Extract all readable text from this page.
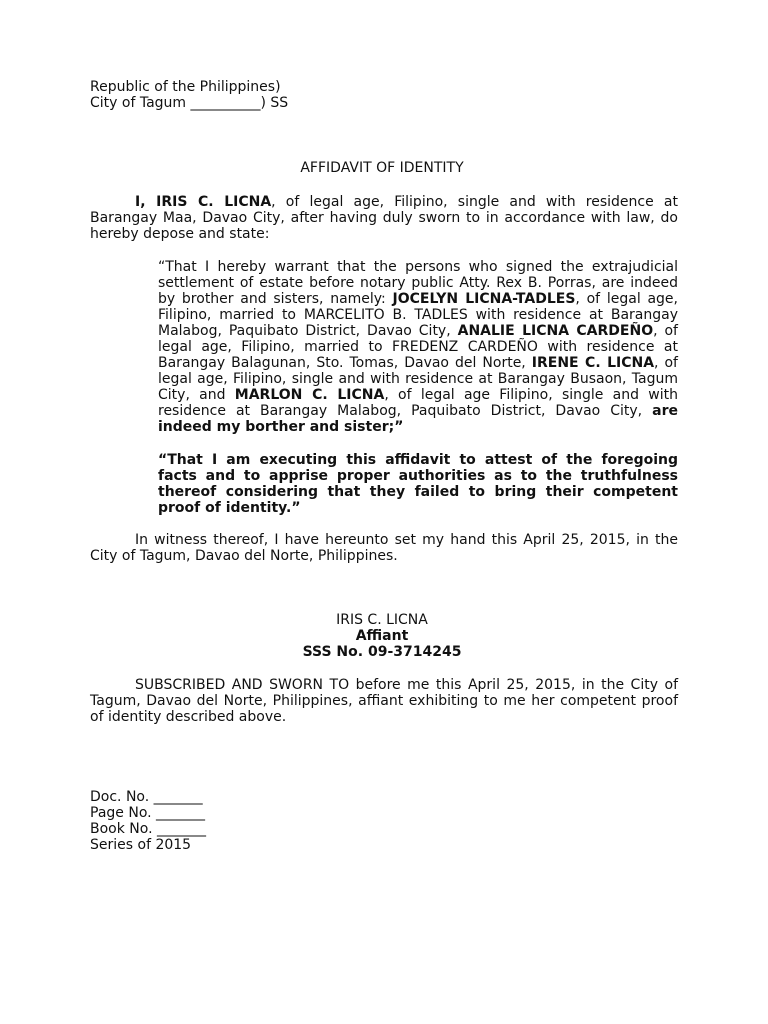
Republic of the Philippines)
City of Tagum __________) SS
AFFIDAVIT OF IDENTITY

I, IRIS C. LICNA, of legal age, Filipino, single and with residence at Barangay Maa, Davao City, after having duly sworn to in accordance with law, do hereby depose and state:

“That I hereby warrant that the persons who signed the extrajudicial settlement of estate before notary public Atty. Rex B. Porras, are indeed by brother and sisters, namely: JOCELYN LICNA-TADLES, of legal age, Filipino, married to MARCELITO B. TADLES with residence at Barangay Malabog, Paquibato District, Davao City, ANALIE LICNA CARDEÑO, of legal age, Filipino, married to FREDENZ CARDEÑO with residence at Barangay Balagunan, Sto. Tomas, Davao del Norte, IRENE C. LICNA, of legal age, Filipino, single and with residence at Barangay Busaon, Tagum City, and MARLON C. LICNA, of legal age Filipino, single and with residence at Barangay Malabog, Paquibato District, Davao City, are indeed my borther and sister;”

“That I am executing this affidavit to attest of the foregoing facts and to apprise proper authorities as to the truthfulness thereof considering that they failed to bring their competent proof of identity.”

In witness thereof, I have hereunto set my hand this April 25, 2015, in the City of Tagum, Davao del Norte, Philippines.

IRIS C. LICNA
Affiant
SSS No. 09-3714245

SUBSCRIBED AND SWORN TO before me this April 25, 2015, in the City of Tagum, Davao del Norte, Philippines, affiant exhibiting to me her competent proof of identity described above.

Doc. No. _______
Page No. _______
Book No. _______
Series of 2015
